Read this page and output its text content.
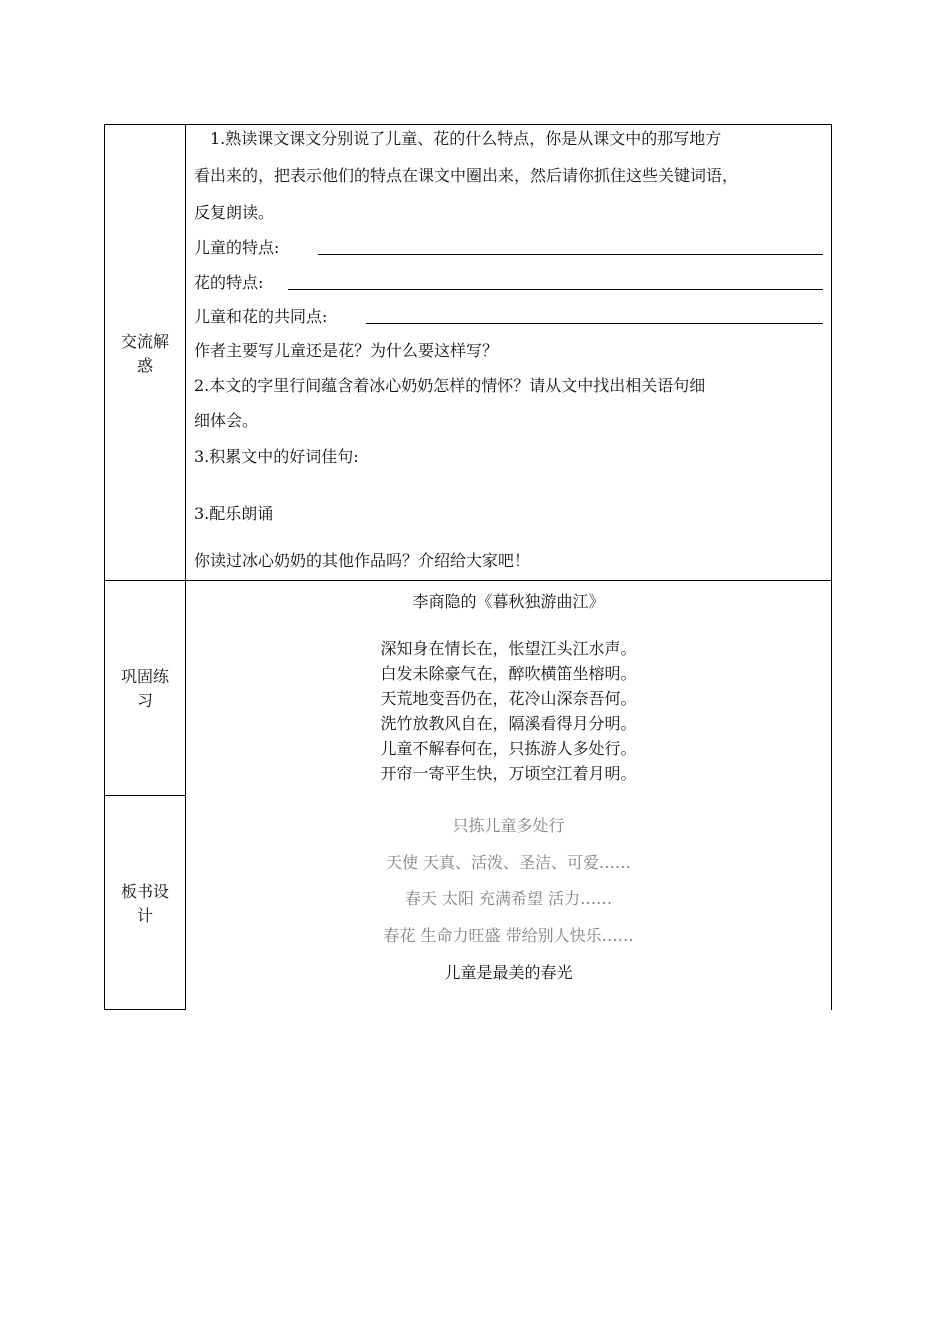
交流解
惑
1.熟读课文课文分别说了儿童、花的什么特点，你是从课文中的那写地方
看出来的，把表示他们的特点在课文中圈出来，然后请你抓住这些关键词语，
反复朗读。
儿童的特点:
花的特点:
儿童和花的共同点:
作者主要写儿童还是花？为什么要这样写？
2.本文的字里行间蕴含着冰心奶奶怎样的情怀？请从文中找出相关语句细
细体会。
3.积累文中的好词佳句:
3.配乐朗诵
你读过冰心奶奶的其他作品吗？介绍给大家吧！
巩固练
习
李商隐的《暮秋独游曲江》
深知身在情长在，怅望江头江水声。
白发未除豪气在，醉吹横笛坐榕明。
天荒地变吾仍在，花冷山深奈吾何。
洗竹放教风自在，隔溪看得月分明。
儿童不解春何在，只拣游人多处行。
开帘一寄平生快，万顷空江着月明。
板书设
计
只拣儿童多处行
天使 天真、活泼、圣洁、可爱……
春天 太阳 充满希望 活力……
春花 生命力旺盛 带给别人快乐……
儿童是最美的春光
